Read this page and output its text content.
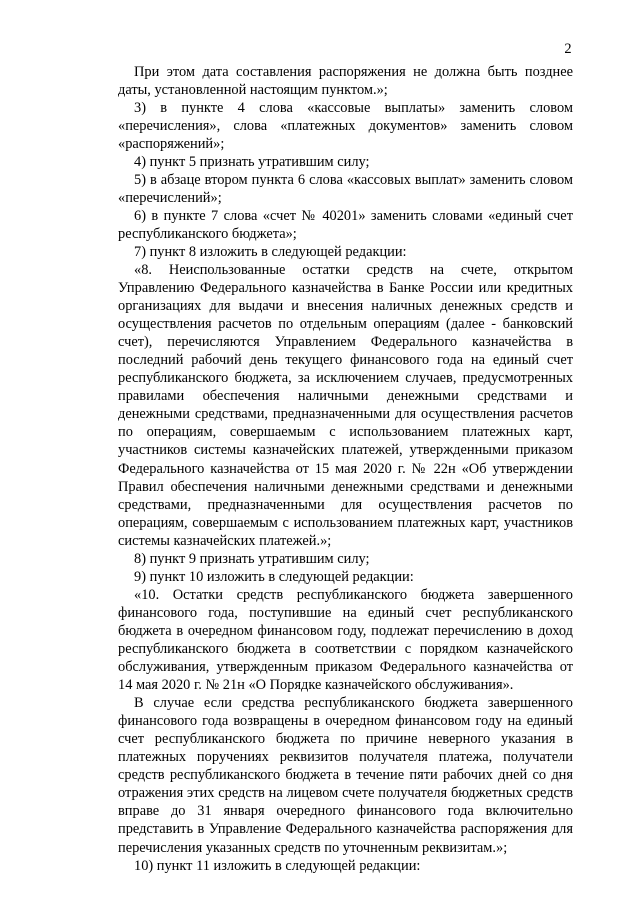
2

При этом дата составления распоряжения не должна быть позднее даты, установленной настоящим пунктом.»;

3) в пункте 4 слова «кассовые выплаты» заменить словом «перечисления», слова «платежных документов» заменить словом «распоряжений»;

4) пункт 5 признать утратившим силу;

5) в абзаце втором пункта 6 слова «кассовых выплат» заменить словом «перечислений»;

6) в пункте 7 слова «счет № 40201» заменить словами «единый счет республиканского бюджета»;

7) пункт 8 изложить в следующей редакции:

«8. Неиспользованные остатки средств на счете, открытом Управлению Федерального казначейства в Банке России или кредитных организациях для выдачи и внесения наличных денежных средств и осуществления расчетов по отдельным операциям (далее - банковский счет), перечисляются Управлением Федерального казначейства в последний рабочий день текущего финансового года на единый счет республиканского бюджета, за исключением случаев, предусмотренных правилами обеспечения наличными денежными средствами и денежными средствами, предназначенными для осуществления расчетов по операциям, совершаемым с использованием платежных карт, участников системы казначейских платежей, утвержденными приказом Федерального казначейства от 15 мая 2020 г. № 22н «Об утверждении Правил обеспечения наличными денежными средствами и денежными средствами, предназначенными для осуществления расчетов по операциям, совершаемым с использованием платежных карт, участников системы казначейских платежей.»;

8) пункт 9 признать утратившим силу;

9) пункт 10 изложить в следующей редакции:

«10. Остатки средств республиканского бюджета завершенного финансового года, поступившие на единый счет республиканского бюджета в очередном финансовом году, подлежат перечислению в доход республиканского бюджета в соответствии с порядком казначейского обслуживания, утвержденным приказом Федерального казначейства от 14 мая 2020 г. № 21н «О Порядке казначейского обслуживания».

В случае если средства республиканского бюджета завершенного финансового года возвращены в очередном финансовом году на единый счет республиканского бюджета по причине неверного указания в платежных поручениях реквизитов получателя платежа, получатели средств республиканского бюджета в течение пяти рабочих дней со дня отражения этих средств на лицевом счете получателя бюджетных средств вправе до 31 января очередного финансового года включительно представить в Управление Федерального казначейства распоряжения для перечисления указанных средств по уточненным реквизитам.»;

10) пункт 11 изложить в следующей редакции:
